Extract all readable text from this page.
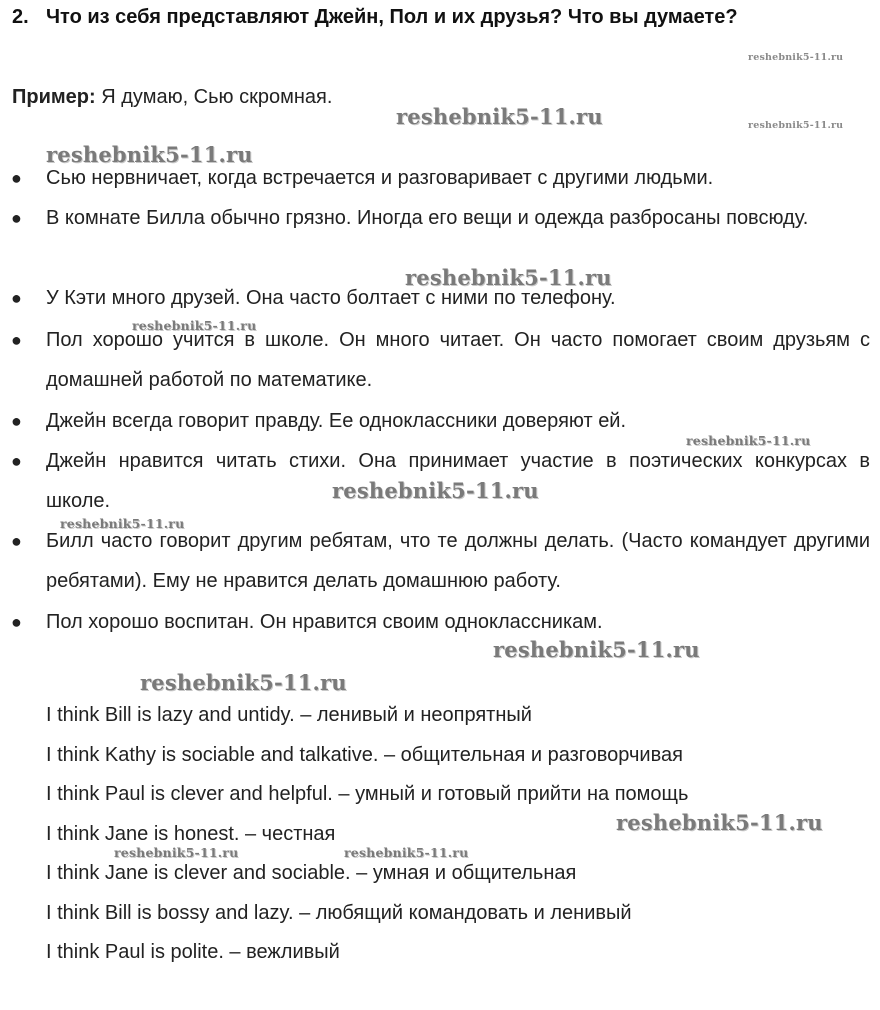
2. Что из себя представляют Джейн, Пол и их друзья? Что вы думаете?
Пример: Я думаю, Сью скромная.
● Сью нервничает, когда встречается и разговаривает с другими людьми.
● В комнате Билла обычно грязно. Иногда его вещи и одежда разбросаны повсюду.
● У Кэти много друзей. Она часто болтает с ними по телефону.
● Пол хорошо учится в школе. Он много читает. Он часто помогает своим друзьям с домашней работой по математике.
● Джейн всегда говорит правду. Ее одноклассники доверяют ей.
● Джейн нравится читать стихи. Она принимает участие в поэтических конкурсах в школе.
● Билл часто говорит другим ребятам, что те должны делать. (Часто командует другими ребятами). Ему не нравится делать домашнюю работу.
● Пол хорошо воспитан. Он нравится своим одноклассникам.
I think Bill is lazy and untidy. – ленивый и неопрятный
I think Kathy is sociable and talkative. – общительная и разговорчивая
I think Paul is clever and helpful. – умный и готовый прийти на помощь
I think Jane is honest. – честная
I think Jane is clever and sociable. – умная и общительная
I think Bill is bossy and lazy. – любящий командовать и ленивый
I think Paul is polite. – вежливый
reshebnik5-11.ru
reshebnik5-11.ru	reshebnik5-11.ru
reshebnik5-11.ru
reshebnik5-11.ru
reshebnik5-11.ru
reshebnik5-11.ru
reshebnik5-11.ru
reshebnik5-11.ru
reshebnik5-11.ru
reshebnik5-11.ru
reshebnik5-11.ru
reshebnik5-11.ru	reshebnik5-11.ru
